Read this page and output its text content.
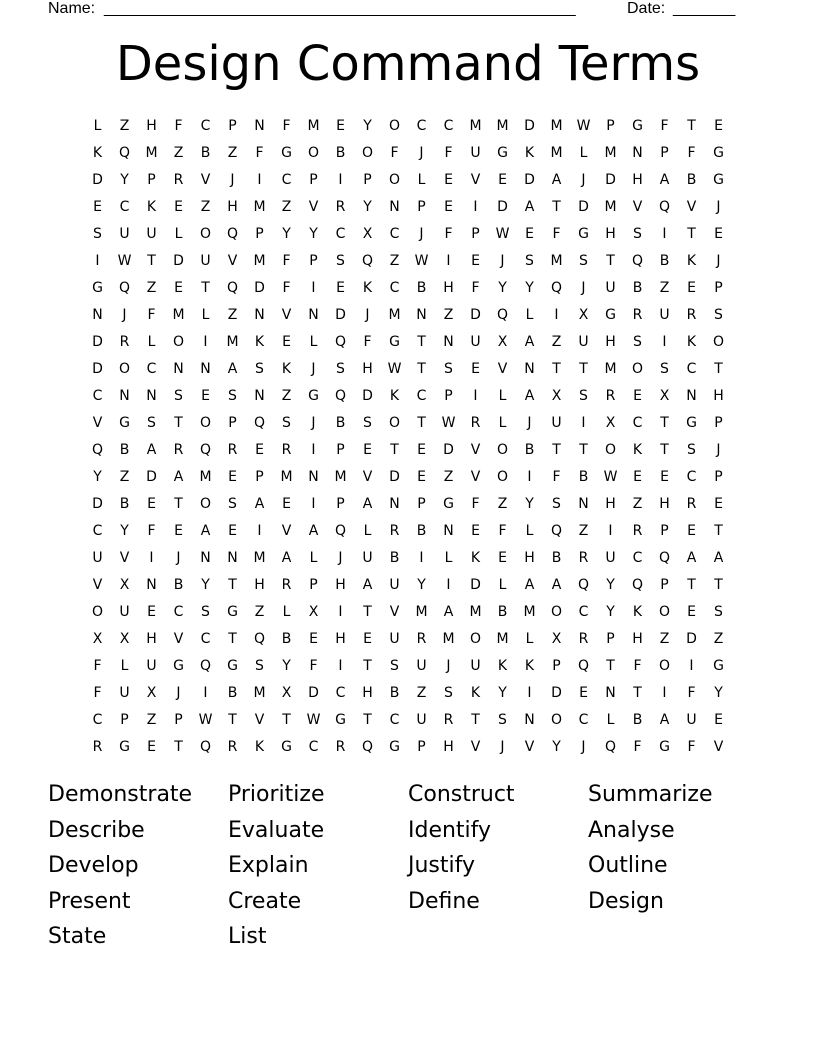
Name: _____________________________________________________	Date: _______
Design Command Terms
L	Z	H	F	C	P	N	F	M	E	Y	O	C	C	M	M	D	M	W	P	G	F	T	E
K	Q	M	Z	B	Z	F	G	O	B	O	F	J	F	U	G	K	M	L	M	N	P	F	G
D	Y	P	R	V	J	I	C	P	I	P	O	L	E	V	E	D	A	J	D	H	A	B	G
E	C	K	E	Z	H	M	Z	V	R	Y	N	P	E	I	D	A	T	D	M	V	Q	V	J
S	U	U	L	O	Q	P	Y	Y	C	X	C	J	F	P	W	E	F	G	H	S	I	T	E
I	W	T	D	U	V	M	F	P	S	Q	Z	W	I	E	J	S	M	S	T	Q	B	K	J
G	Q	Z	E	T	Q	D	F	I	E	K	C	B	H	F	Y	Y	Q	J	U	B	Z	E	P
N	J	F	M	L	Z	N	V	N	D	J	M	N	Z	D	Q	L	I	X	G	R	U	R	S
D	R	L	O	I	M	K	E	L	Q	F	G	T	N	U	X	A	Z	U	H	S	I	K	O
D	O	C	N	N	A	S	K	J	S	H	W	T	S	E	V	N	T	T	M	O	S	C	T
C	N	N	S	E	S	N	Z	G	Q	D	K	C	P	I	L	A	X	S	R	E	X	N	H
V	G	S	T	O	P	Q	S	J	B	S	O	T	W	R	L	J	U	I	X	C	T	G	P
Q	B	A	R	Q	R	E	R	I	P	E	T	E	D	V	O	B	T	T	O	K	T	S	J
Y	Z	D	A	M	E	P	M	N	M	V	D	E	Z	V	O	I	F	B	W	E	E	C	P
D	B	E	T	O	S	A	E	I	P	A	N	P	G	F	Z	Y	S	N	H	Z	H	R	E
C	Y	F	E	A	E	I	V	A	Q	L	R	B	N	E	F	L	Q	Z	I	R	P	E	T
U	V	I	J	N	N	M	A	L	J	U	B	I	L	K	E	H	B	R	U	C	Q	A	A
V	X	N	B	Y	T	H	R	P	H	A	U	Y	I	D	L	A	A	Q	Y	Q	P	T	T
O	U	E	C	S	G	Z	L	X	I	T	V	M	A	M	B	M	O	C	Y	K	O	E	S
X	X	H	V	C	T	Q	B	E	H	E	U	R	M	O	M	L	X	R	P	H	Z	D	Z
F	L	U	G	Q	G	S	Y	F	I	T	S	U	J	U	K	K	P	Q	T	F	O	I	G
F	U	X	J	I	B	M	X	D	C	H	B	Z	S	K	Y	I	D	E	N	T	I	F	Y
C	P	Z	P	W	T	V	T	W	G	T	C	U	R	T	S	N	O	C	L	B	A	U	E
R	G	E	T	Q	R	K	G	C	R	Q	G	P	H	V	J	V	Y	J	Q	F	G	F	V
Demonstrate	Prioritize	Construct	Summarize
Describe	Evaluate	Identify	Analyse
Develop	Explain	Justify	Outline
Present	Create	Define	Design
State	List
